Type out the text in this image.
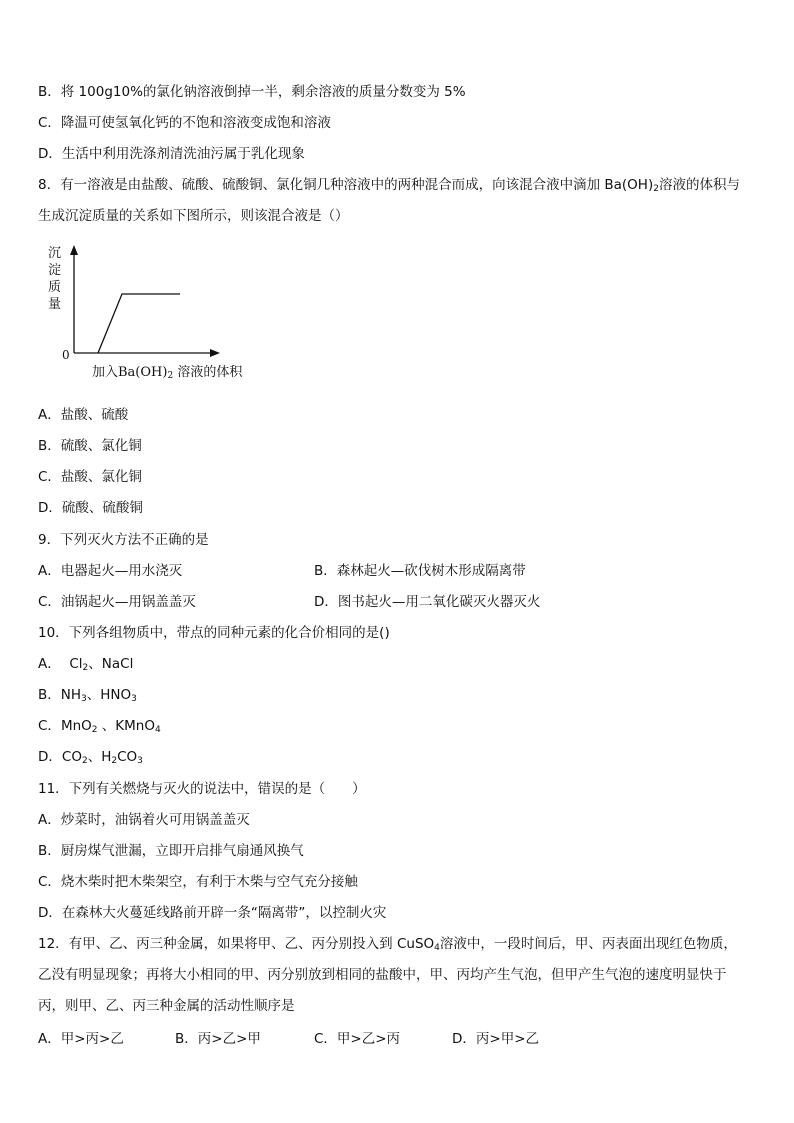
B．将 100g10%的氯化钠溶液倒掉一半，剩余溶液的质量分数变为 5%
C．降温可使氢氧化钙的不饱和溶液变成饱和溶液
D．生活中利用洗涤剂清洗油污属于乳化现象
8．有一溶液是由盐酸、硫酸、硫酸铜、氯化铜几种溶液中的两种混合而成，向该混合液中滴加 $Ba(OH)_2$溶液的体积与
生成沉淀质量的关系如下图所示，则该混合液是（）
沉淀质量
0
加入$Ba(OH)_2$ 溶液的体积
A．盐酸、硫酸
B．硫酸、氯化铜
C．盐酸、氯化铜
D．硫酸、硫酸铜
9．下列灭火方法不正确的是
A．电器起火—用水浇灭	B．森林起火—砍伐树木形成隔离带
C．油锅起火—用锅盖盖灭	D．图书起火—用二氧化碳灭火器灭火
10．下列各组物质中，带点的同种元素的化合价相同的是()
A． $Cl_2$、NaCl
B．$NH_3$、$HNO_3$
C．MnO$_2$ 、KMnO$_4$
D．$CO_2$、$H_2CO_3$
11．下列有关燃烧与灭火的说法中，错误的是（　　）
A．炒菜时，油锅着火可用锅盖盖灭
B．厨房煤气泄漏，立即开启排气扇通风换气
C．烧木柴时把木柴架空，有利于木柴与空气充分接触
D．在森林大火蔓延线路前开辟一条“隔离带”，以控制火灾
12．有甲、乙、丙三种金属，如果将甲、乙、丙分别投入到 CuSO$_4$溶液中，一段时间后，甲、丙表面出现红色物质，
乙没有明显现象；再将大小相同的甲、丙分别放到相同的盐酸中，甲、丙均产生气泡，但甲产生气泡的速度明显快于
丙，则甲、乙、丙三种金属的活动性顺序是
A．甲>丙>乙	B．丙>乙>甲	C．甲>乙>丙	D．丙>甲>乙
